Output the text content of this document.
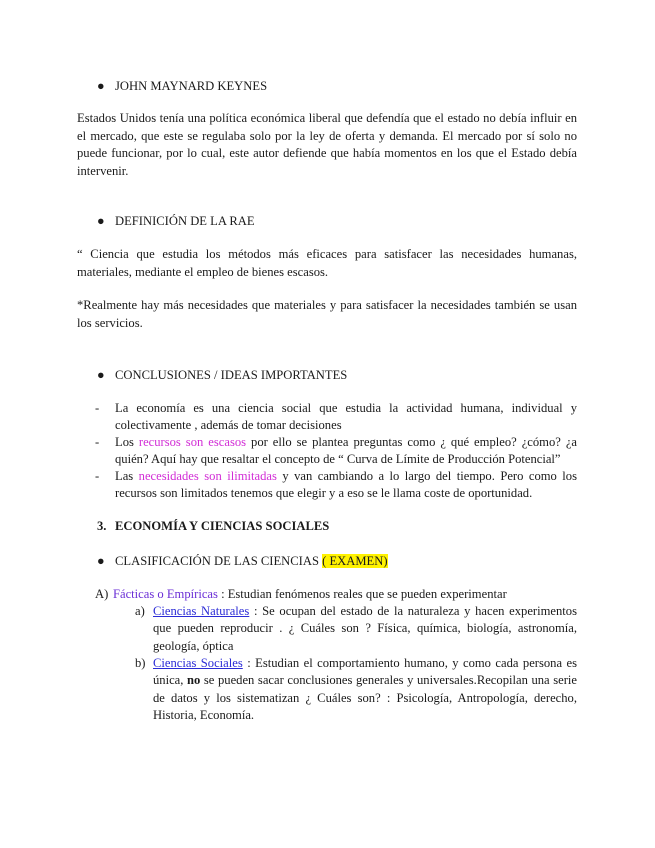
● JOHN MAYNARD KEYNES
Estados Unidos tenía una política económica liberal que defendía que el estado no debía influir en el mercado, que este se regulaba solo por la ley de oferta y demanda. El mercado por sí solo no puede funcionar, por lo cual, este autor defiende que había momentos en los que el Estado debía intervenir.
● DEFINICIÓN DE LA RAE
“ Ciencia que estudia los métodos más eficaces para satisfacer las necesidades humanas, materiales, mediante el empleo de bienes escasos.
*Realmente hay más necesidades que materiales y para satisfacer la necesidades también se usan los servicios.
● CONCLUSIONES / IDEAS IMPORTANTES
- La economía es una ciencia social que estudia la actividad humana, individual y colectivamente , además de tomar decisiones
- Los recursos son escasos por ello se plantea preguntas como ¿ qué empleo? ¿cómo? ¿a quién? Aquí hay que resaltar el concepto de “ Curva de Límite de Producción Potencial”
- Las necesidades son ilimitadas y van cambiando a lo largo del tiempo. Pero como los recursos son limitados tenemos que elegir y a eso se le llama coste de oportunidad.
3. ECONOMÍA Y CIENCIAS SOCIALES
● CLASIFICACIÓN DE LAS CIENCIAS ( EXAMEN)
A) Fácticas o Empíricas : Estudian fenómenos reales que se pueden experimentar
a) Ciencias Naturales : Se ocupan del estado de la naturaleza y hacen experimentos que pueden reproducir . ¿ Cuáles son ? Física, química, biología, astronomía, geología, óptica
b) Ciencias Sociales : Estudian el comportamiento humano, y como cada persona es única, no se pueden sacar conclusiones generales y universales.Recopilan una serie de datos y los sistematizan ¿ Cuáles son? : Psicología, Antropología, derecho, Historia, Economía.
